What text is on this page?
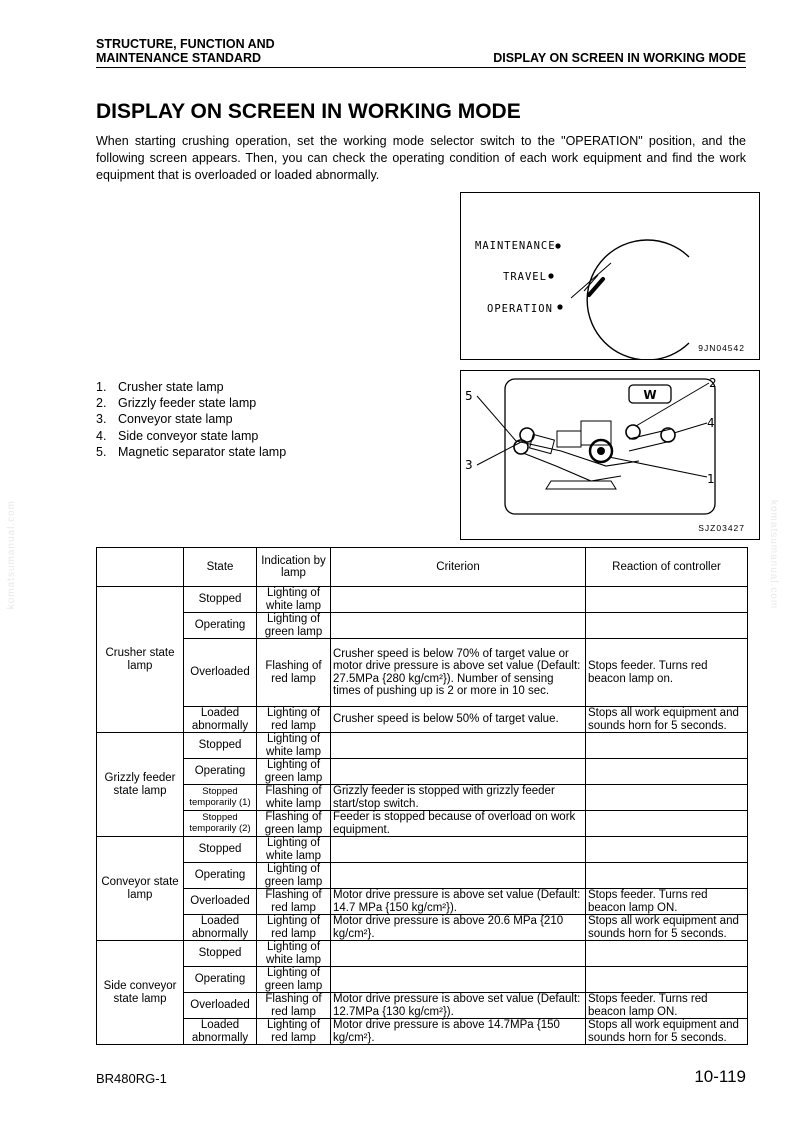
STRUCTURE, FUNCTION AND
MAINTENANCE STANDARD	DISPLAY ON SCREEN IN WORKING MODE
DISPLAY ON SCREEN IN WORKING MODE

When starting crushing operation, set the working mode selector switch to the "OPERATION" position, and the following screen appears. Then, you can check the operating condition of each work equipment and find the work equipment that is overloaded or loaded abnormally.

MAINTENANCE
TRAVEL
OPERATION
9JN04542
W
2
4
1
5
3
SJZ03427
1. Crusher state lamp
2. Grizzly feeder state lamp
3. Conveyor state lamp
4. Side conveyor state lamp
5. Magnetic separator state lamp
	State	Indication by lamp	Criterion	Reaction of controller
Crusher state lamp	Stopped	Lighting of white lamp		
	Operating	Lighting of green lamp		
	Overloaded	Flashing of red lamp	Crusher speed is below 70% of target value or motor drive pressure is above set value (Default: 27.5MPa {280 kg/cm²}). Number of sensing times of pushing up is 2 or more in 10 sec.	Stops feeder. Turns red beacon lamp on.
	Loaded abnormally	Lighting of red lamp	Crusher speed is below 50% of target value.	Stops all work equipment and sounds horn for 5 seconds.
Grizzly feeder state lamp	Stopped	Lighting of white lamp		
	Operating	Lighting of green lamp		
	Stopped temporarily (1)	Flashing of white lamp	Grizzly feeder is stopped with grizzly feeder start/stop switch.	
	Stopped temporarily (2)	Flashing of green lamp	Feeder is stopped because of overload on work equipment.	
Conveyor state lamp	Stopped	Lighting of white lamp		
	Operating	Lighting of green lamp		
	Overloaded	Flashing of red lamp	Motor drive pressure is above set value (Default: 14.7 MPa {150 kg/cm²}).	Stops feeder. Turns red beacon lamp ON.
	Loaded abnormally	Lighting of red lamp	Motor drive pressure is above 20.6 MPa {210 kg/cm²}.	Stops all work equipment and sounds horn for 5 seconds.
Side conveyor state lamp	Stopped	Lighting of white lamp		
	Operating	Lighting of green lamp		
	Overloaded	Flashing of red lamp	Motor drive pressure is above set value (Default: 12.7MPa {130 kg/cm²}).	Stops feeder. Turns red beacon lamp ON.
	Loaded abnormally	Lighting of red lamp	Motor drive pressure is above 14.7MPa {150 kg/cm²}.	Stops all work equipment and sounds horn for 5 seconds.
BR480RG-1	10-119
komatsumanual.com	komatsumanual.com
